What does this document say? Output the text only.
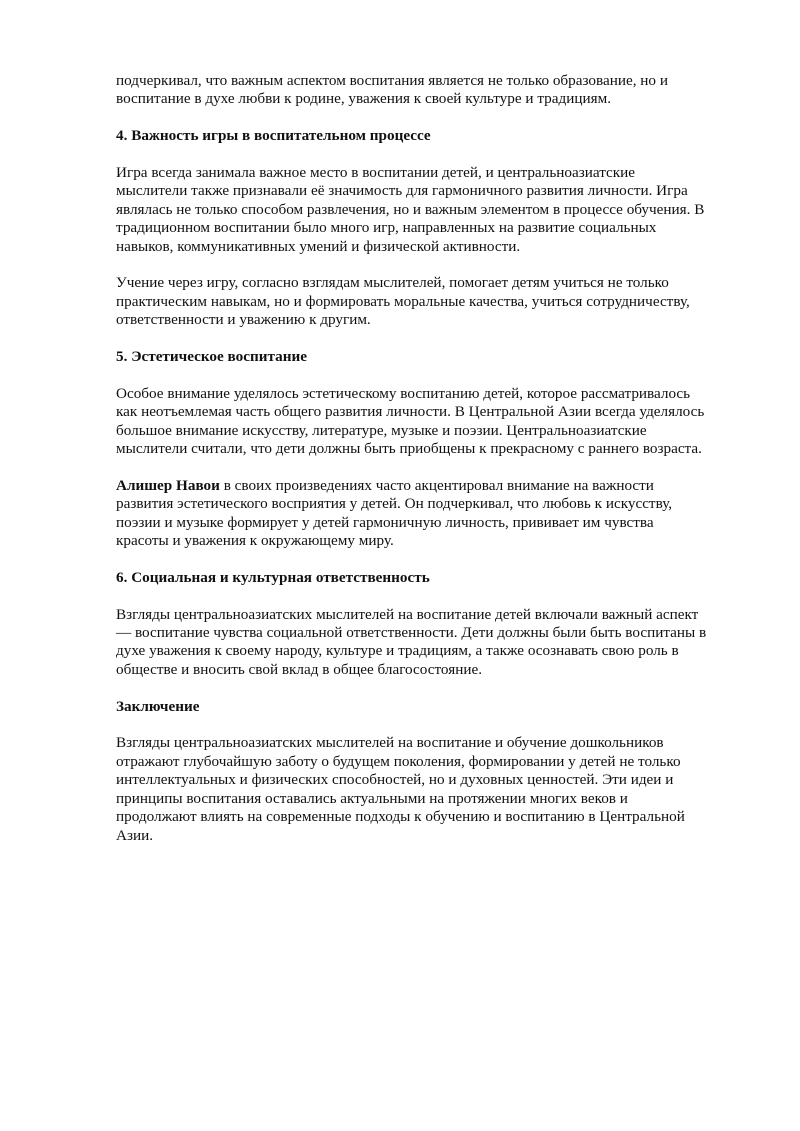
подчеркивал, что важным аспектом воспитания является не только образование, но и
воспитание в духе любви к родине, уважения к своей культуре и традициям.

4. Важность игры в воспитательном процессе

Игра всегда занимала важное место в воспитании детей, и центральноазиатские
мыслители также признавали её значимость для гармоничного развития личности. Игра
являлась не только способом развлечения, но и важным элементом в процессе обучения. В
традиционном воспитании было много игр, направленных на развитие социальных
навыков, коммуникативных умений и физической активности.

Учение через игру, согласно взглядам мыслителей, помогает детям учиться не только
практическим навыкам, но и формировать моральные качества, учиться сотрудничеству,
ответственности и уважению к другим.

5. Эстетическое воспитание

Особое внимание уделялось эстетическому воспитанию детей, которое рассматривалось
как неотъемлемая часть общего развития личности. В Центральной Азии всегда уделялось
большое внимание искусству, литературе, музыке и поэзии. Центральноазиатские
мыслители считали, что дети должны быть приобщены к прекрасному с раннего возраста.

Алишер Навои в своих произведениях часто акцентировал внимание на важности
развития эстетического восприятия у детей. Он подчеркивал, что любовь к искусству,
поэзии и музыке формирует у детей гармоничную личность, прививает им чувства
красоты и уважения к окружающему миру.

6. Социальная и культурная ответственность

Взгляды центральноазиатских мыслителей на воспитание детей включали важный аспект
— воспитание чувства социальной ответственности. Дети должны были быть воспитаны в
духе уважения к своему народу, культуре и традициям, а также осознавать свою роль в
обществе и вносить свой вклад в общее благосостояние.

Заключение

Взгляды центральноазиатских мыслителей на воспитание и обучение дошкольников
отражают глубочайшую заботу о будущем поколения, формировании у детей не только
интеллектуальных и физических способностей, но и духовных ценностей. Эти идеи и
принципы воспитания оставались актуальными на протяжении многих веков и
продолжают влиять на современные подходы к обучению и воспитанию в Центральной
Азии.
